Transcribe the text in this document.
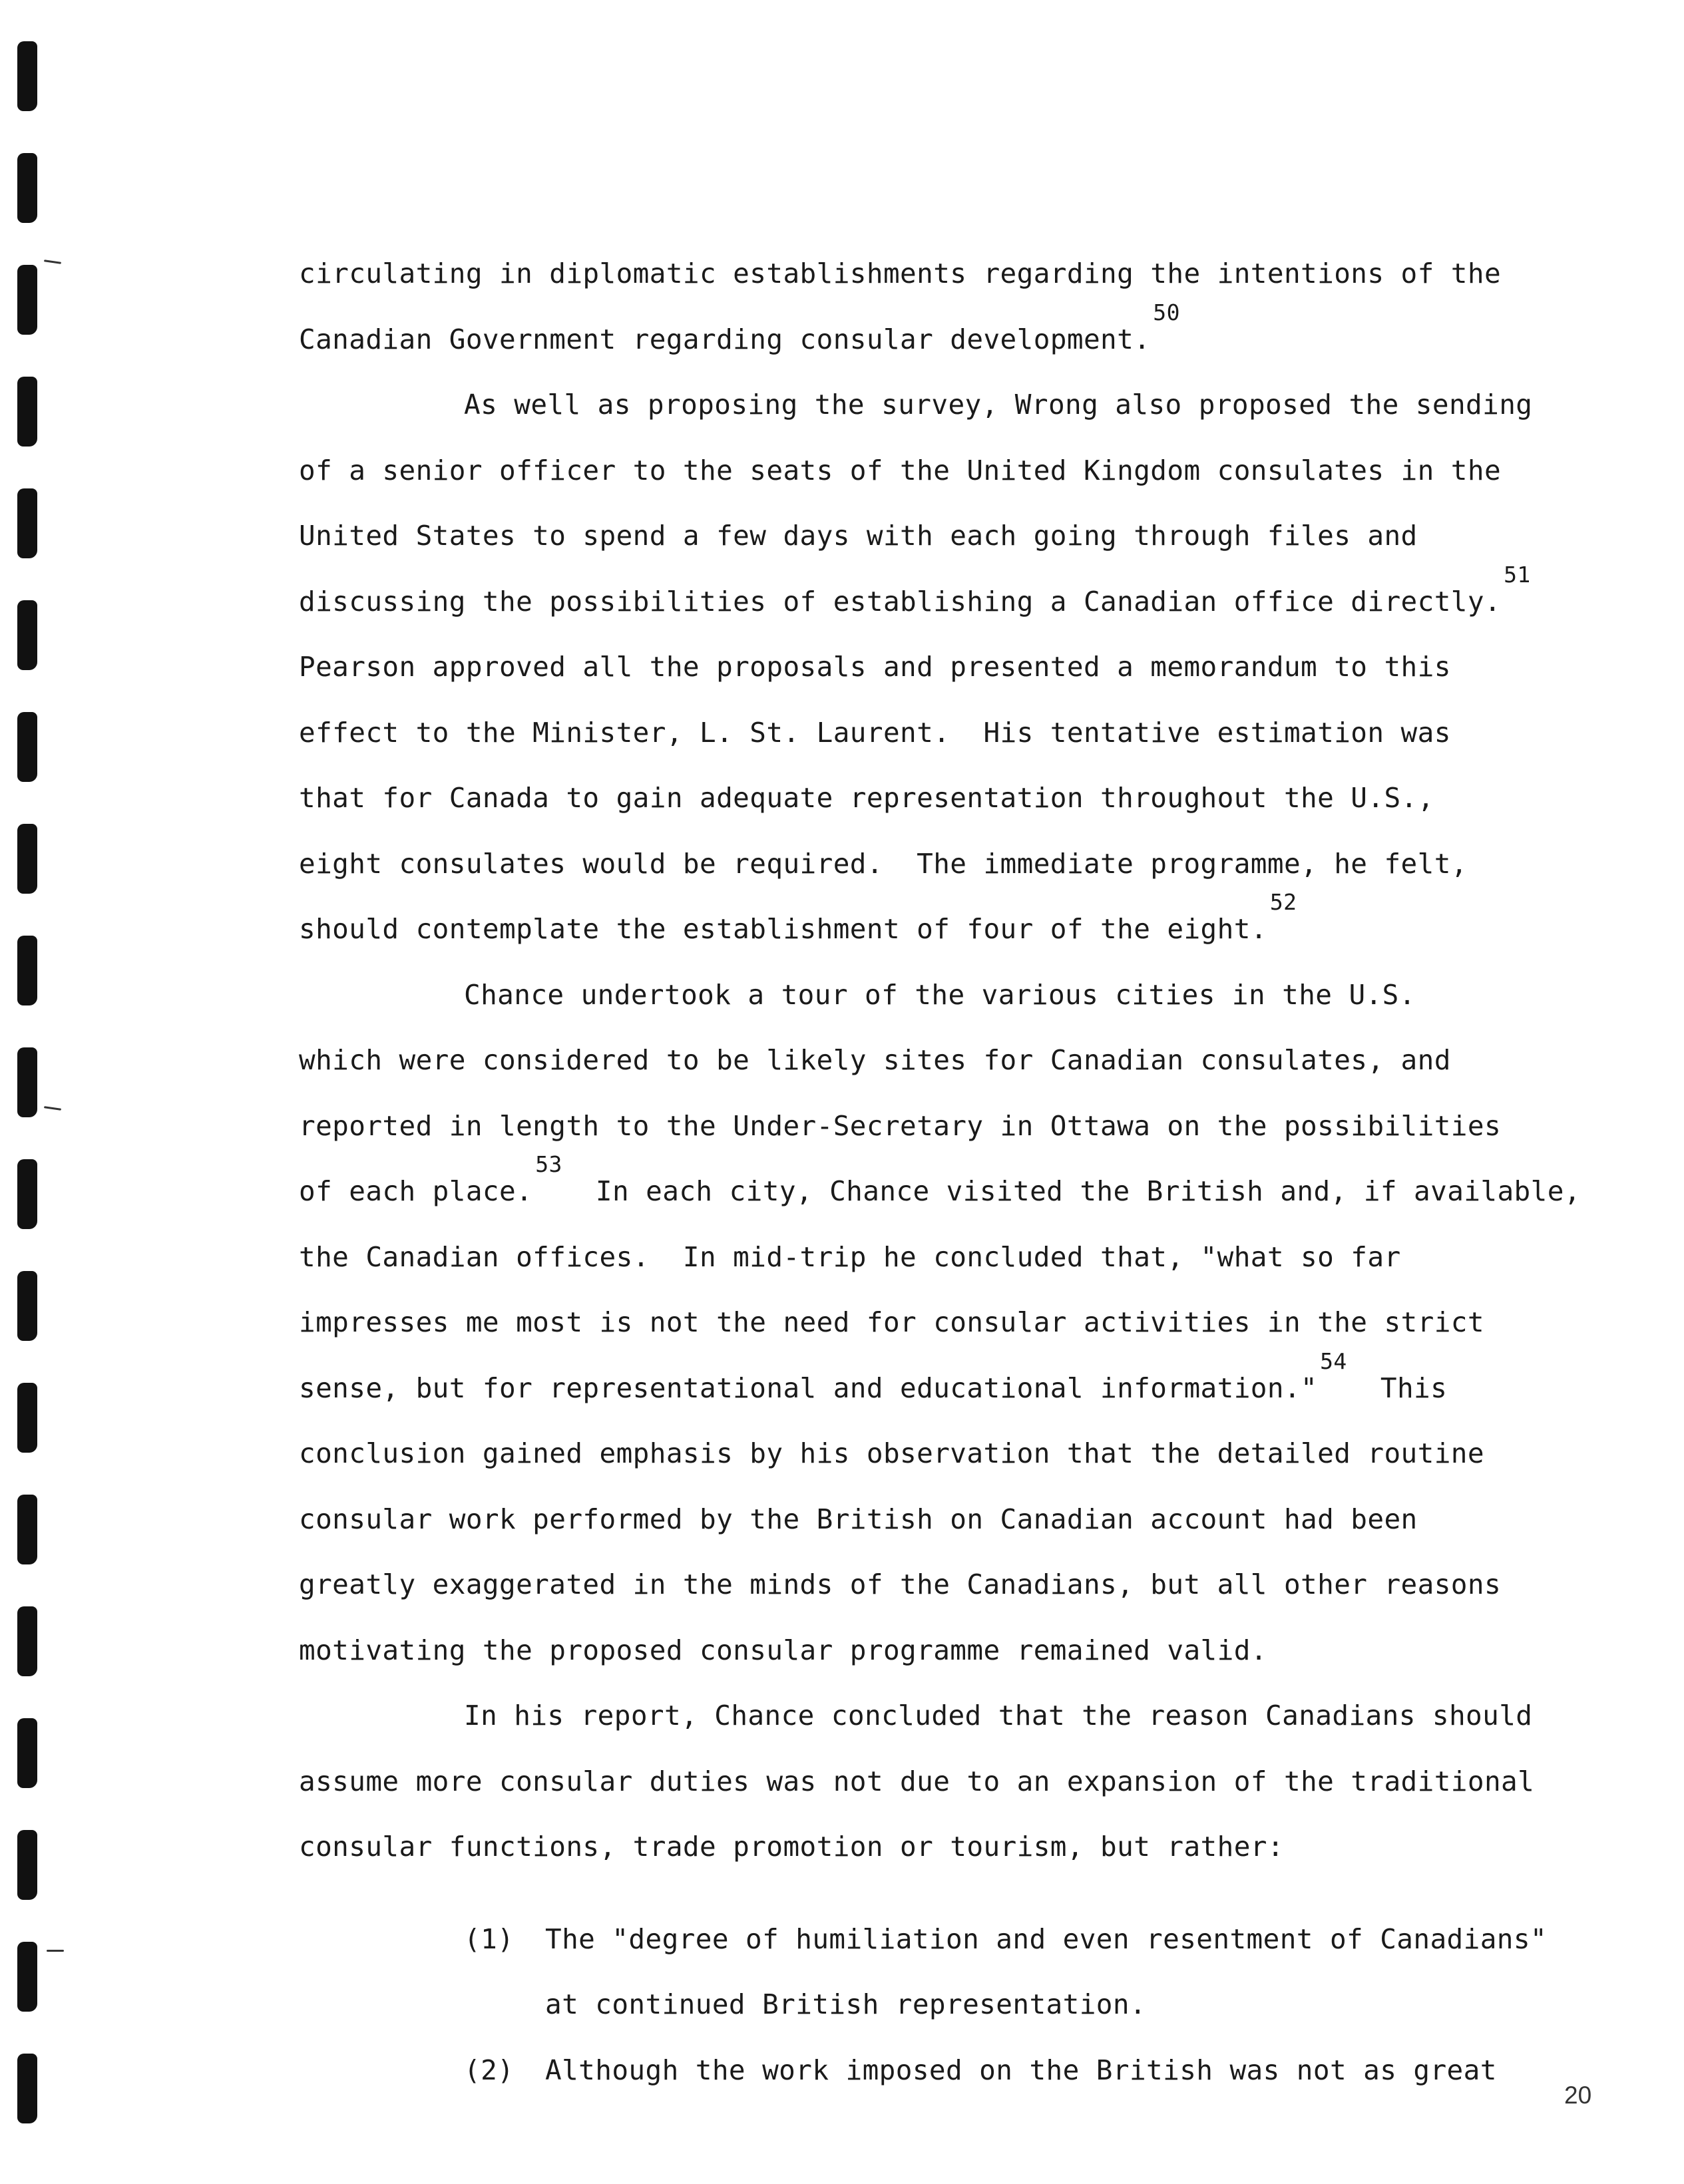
circulating in diplomatic establishments regarding the intentions of the
Canadian Government regarding consular development.$^{50}$
As well as proposing the survey, Wrong also proposed the sending
of a senior officer to the seats of the United Kingdom consulates in the
United States to spend a few days with each going through files and
discussing the possibilities of establishing a Canadian office directly.$^{51}$
Pearson approved all the proposals and presented a memorandum to this
effect to the Minister, L. St. Laurent.  His tentative estimation was
that for Canada to gain adequate representation throughout the U.S.,
eight consulates would be required.  The immediate programme, he felt,
should contemplate the establishment of four of the eight.$^{52}$
Chance undertook a tour of the various cities in the U.S.
which were considered to be likely sites for Canadian consulates, and
reported in length to the Under-Secretary in Ottawa on the possibilities
of each place.$^{53}$  In each city, Chance visited the British and, if available,
the Canadian offices.  In mid-trip he concluded that, "what so far
impresses me most is not the need for consular activities in the strict
sense, but for representational and educational information."$^{54}$  This
conclusion gained emphasis by his observation that the detailed routine
consular work performed by the British on Canadian account had been
greatly exaggerated in the minds of the Canadians, but all other reasons
motivating the proposed consular programme remained valid.
In his report, Chance concluded that the reason Canadians should
assume more consular duties was not due to an expansion of the traditional
consular functions, trade promotion or tourism, but rather:
(1) The "degree of humiliation and even resentment of Canadians"
at continued British representation.
(2) Although the work imposed on the British was not as great
20
